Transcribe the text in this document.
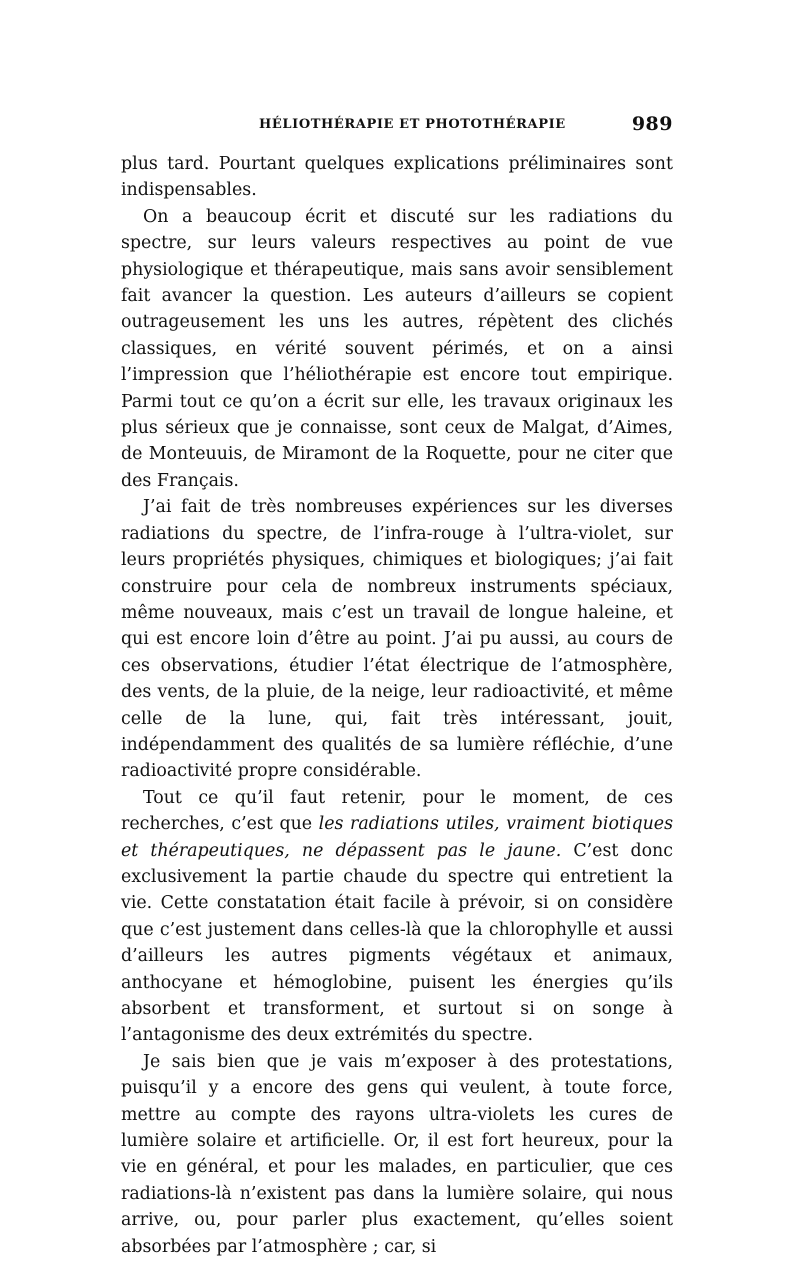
HÉLIOTHÉRAPIE ET PHOTOTHÉRAPIE	989

plus tard. Pourtant quelques explications préliminaires sont indispensables.

On a beaucoup écrit et discuté sur les radiations du spectre, sur leurs valeurs respectives au point de vue physiologique et thérapeutique, mais sans avoir sensiblement fait avancer la question. Les auteurs d’ailleurs se copient outrageusement les uns les autres, répètent des clichés classiques, en vérité souvent périmés, et on a ainsi l’impression que l’héliothérapie est encore tout empirique. Parmi tout ce qu’on a écrit sur elle, les travaux originaux les plus sérieux que je connaisse, sont ceux de Malgat, d’Aimes, de Monteuuis, de Miramont de la Roquette, pour ne citer que des Français.

J’ai fait de très nombreuses expériences sur les diverses radiations du spectre, de l’infra-rouge à l’ultra-violet, sur leurs propriétés physiques, chimiques et biologiques; j’ai fait construire pour cela de nombreux instruments spéciaux, même nouveaux, mais c’est un travail de longue haleine, et qui est encore loin d’être au point. J’ai pu aussi, au cours de ces observations, étudier l’état électrique de l’atmosphère, des vents, de la pluie, de la neige, leur radioactivité, et même celle de la lune, qui, fait très intéressant, jouit, indépendamment des qualités de sa lumière réfléchie, d’une radioactivité propre considérable.

Tout ce qu’il faut retenir, pour le moment, de ces recherches, c’est que les radiations utiles, vraiment biotiques et thérapeutiques, ne dépassent pas le jaune. C’est donc exclusivement la partie chaude du spectre qui entretient la vie. Cette constatation était facile à prévoir, si on considère que c’est justement dans celles-là que la chlorophylle et aussi d’ailleurs les autres pigments végétaux et animaux, anthocyane et hémoglobine, puisent les énergies qu’ils absorbent et transforment, et surtout si on songe à l’antagonisme des deux extrémités du spectre.

Je sais bien que je vais m’exposer à des protestations, puisqu’il y a encore des gens qui veulent, à toute force, mettre au compte des rayons ultra-violets les cures de lumière solaire et artificielle. Or, il est fort heureux, pour la vie en général, et pour les malades, en particulier, que ces radiations-là n’existent pas dans la lumière solaire, qui nous arrive, ou, pour parler plus exactement, qu’elles soient absorbées par l’atmosphère ; car, si
